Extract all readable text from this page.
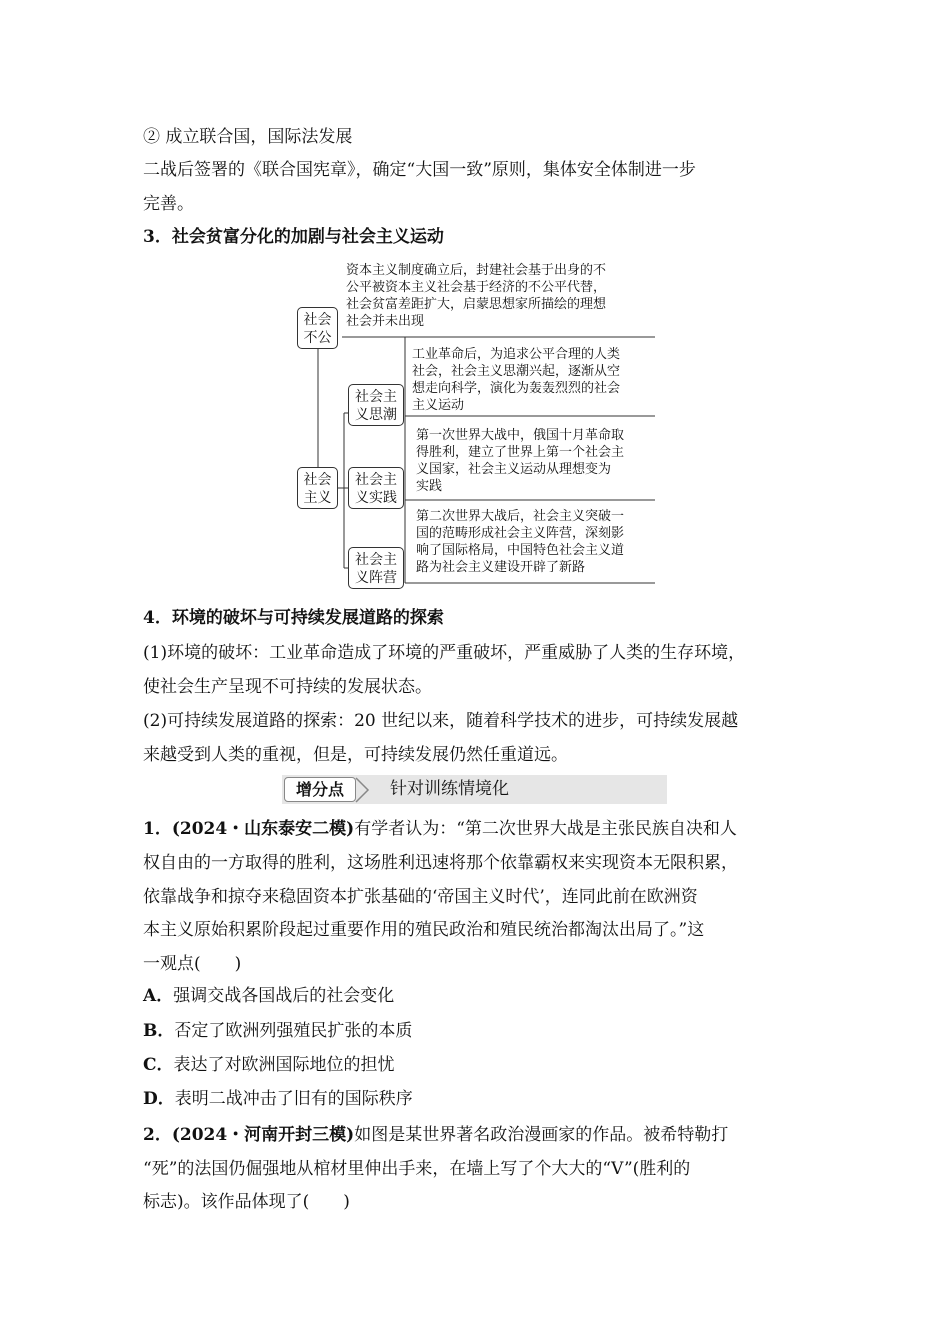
② 成立联合国，国际法发展
二战后签署的《联合国宪章》，确定“大国一致”原则，集体安全体制进一步
完善。
3．社会贫富分化的加剧与社会主义运动
社会
不公
社会
主义
社会主
义思潮
社会主
义实践
社会主
义阵营
资本主义制度确立后，封建社会基于出身的不
公平被资本主义社会基于经济的不公平代替，
社会贫富差距扩大，启蒙思想家所描绘的理想
社会并未出现
工业革命后，为追求公平合理的人类
社会，社会主义思潮兴起，逐渐从空
想走向科学，演化为轰轰烈烈的社会
主义运动
第一次世界大战中，俄国十月革命取
得胜利，建立了世界上第一个社会主
义国家，社会主义运动从理想变为
实践
第二次世界大战后，社会主义突破一
国的范畴形成社会主义阵营，深刻影
响了国际格局，中国特色社会主义道
路为社会主义建设开辟了新路
4．环境的破坏与可持续发展道路的探索
(1)环境的破坏：工业革命造成了环境的严重破坏，严重威胁了人类的生存环境，
使社会生产呈现不可持续的发展状态。
(2)可持续发展道路的探索：20 世纪以来，随着科学技术的进步，可持续发展越
来越受到人类的重视，但是，可持续发展仍然任重道远。
增分点	针对训练情境化
1．(2024・山东泰安二模)有学者认为：“第二次世界大战是主张民族自决和人
权自由的一方取得的胜利，这场胜利迅速将那个依靠霸权来实现资本无限积累，
依靠战争和掠夺来稳固资本扩张基础的‘帝国主义时代’，连同此前在欧洲资
本主义原始积累阶段起过重要作用的殖民政治和殖民统治都淘汰出局了。”这
一观点(　　)
A．强调交战各国战后的社会变化
B．否定了欧洲列强殖民扩张的本质
C．表达了对欧洲国际地位的担忧
D．表明二战冲击了旧有的国际秩序
2．(2024・河南开封三模)如图是某世界著名政治漫画家的作品。被希特勒打
“死”的法国仍倔强地从棺材里伸出手来，在墙上写了个大大的“V”(胜利的
标志)。该作品体现了(　　)
